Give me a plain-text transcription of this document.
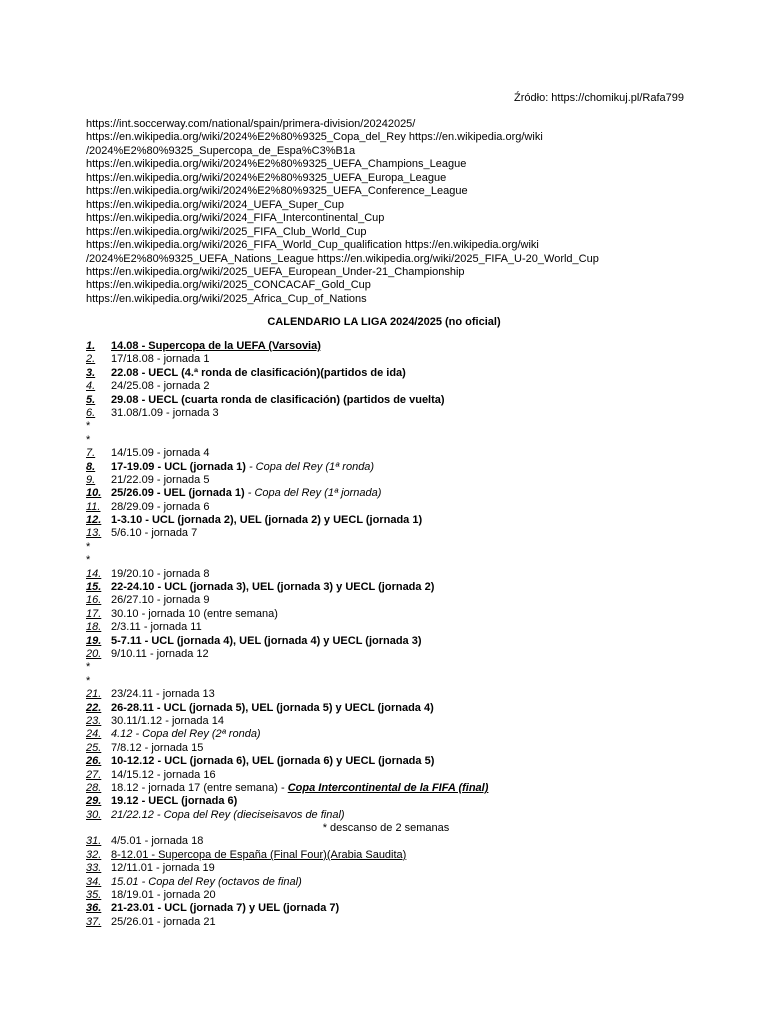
Źródło: https://chomikuj.pl/Rafa799
https://int.soccerway.com/national/spain/primera-division/20242025/
https://en.wikipedia.org/wiki/2024%E2%80%9325_Copa_del_Rey https://en.wikipedia.org/wiki
/2024%E2%80%9325_Supercopa_de_Espa%C3%B1a
https://en.wikipedia.org/wiki/2024%E2%80%9325_UEFA_Champions_League
https://en.wikipedia.org/wiki/2024%E2%80%9325_UEFA_Europa_League
https://en.wikipedia.org/wiki/2024%E2%80%9325_UEFA_Conference_League
https://en.wikipedia.org/wiki/2024_UEFA_Super_Cup
https://en.wikipedia.org/wiki/2024_FIFA_Intercontinental_Cup
https://en.wikipedia.org/wiki/2025_FIFA_Club_World_Cup
https://en.wikipedia.org/wiki/2026_FIFA_World_Cup_qualification https://en.wikipedia.org/wiki
/2024%E2%80%9325_UEFA_Nations_League https://en.wikipedia.org/wiki/2025_FIFA_U-20_World_Cup
https://en.wikipedia.org/wiki/2025_UEFA_European_Under-21_Championship
https://en.wikipedia.org/wiki/2025_CONCACAF_Gold_Cup
https://en.wikipedia.org/wiki/2025_Africa_Cup_of_Nations
CALENDARIO LA LIGA 2024/2025 (no oficial)
1. 14.08 - Supercopa de la UEFA (Varsovia)
2. 17/18.08 - jornada 1
3. 22.08 - UECL (4.ª ronda de clasificación)(partidos de ida)
4. 24/25.08 - jornada 2
5. 29.08 - UECL (cuarta ronda de clasificación) (partidos de vuelta)
6. 31.08/1.09 - jornada 3
*
*
7. 14/15.09 - jornada 4
8. 17-19.09 - UCL (jornada 1) - Copa del Rey (1ª ronda)
9. 21/22.09 - jornada 5
10. 25/26.09 - UEL (jornada 1) - Copa del Rey (1ª jornada)
11. 28/29.09 - jornada 6
12. 1-3.10 - UCL (jornada 2), UEL (jornada 2) y UECL (jornada 1)
13. 5/6.10 - jornada 7
*
*
14. 19/20.10 - jornada 8
15. 22-24.10 - UCL (jornada 3), UEL (jornada 3) y UECL (jornada 2)
16. 26/27.10 - jornada 9
17. 30.10 - jornada 10 (entre semana)
18. 2/3.11 - jornada 11
19. 5-7.11 - UCL (jornada 4), UEL (jornada 4) y UECL (jornada 3)
20. 9/10.11 - jornada 12
*
*
21. 23/24.11 - jornada 13
22. 26-28.11 - UCL (jornada 5), UEL (jornada 5) y UECL (jornada 4)
23. 30.11/1.12 - jornada 14
24. 4.12 - Copa del Rey (2ª ronda)
25. 7/8.12 - jornada 15
26. 10-12.12 - UCL (jornada 6), UEL (jornada 6) y UECL (jornada 5)
27. 14/15.12 - jornada 16
28. 18.12 - jornada 17 (entre semana) - Copa Intercontinental de la FIFA (final)
29. 19.12 - UECL (jornada 6)
30. 21/22.12 - Copa del Rey (dieciseisavos de final)
* descanso de 2 semanas
31. 4/5.01 - jornada 18
32. 8-12.01 - Supercopa de España (Final Four)(Arabia Saudita)
33. 12/11.01 - jornada 19
34. 15.01 - Copa del Rey (octavos de final)
35. 18/19.01 - jornada 20
36. 21-23.01 - UCL (jornada 7) y UEL (jornada 7)
37. 25/26.01 - jornada 21
